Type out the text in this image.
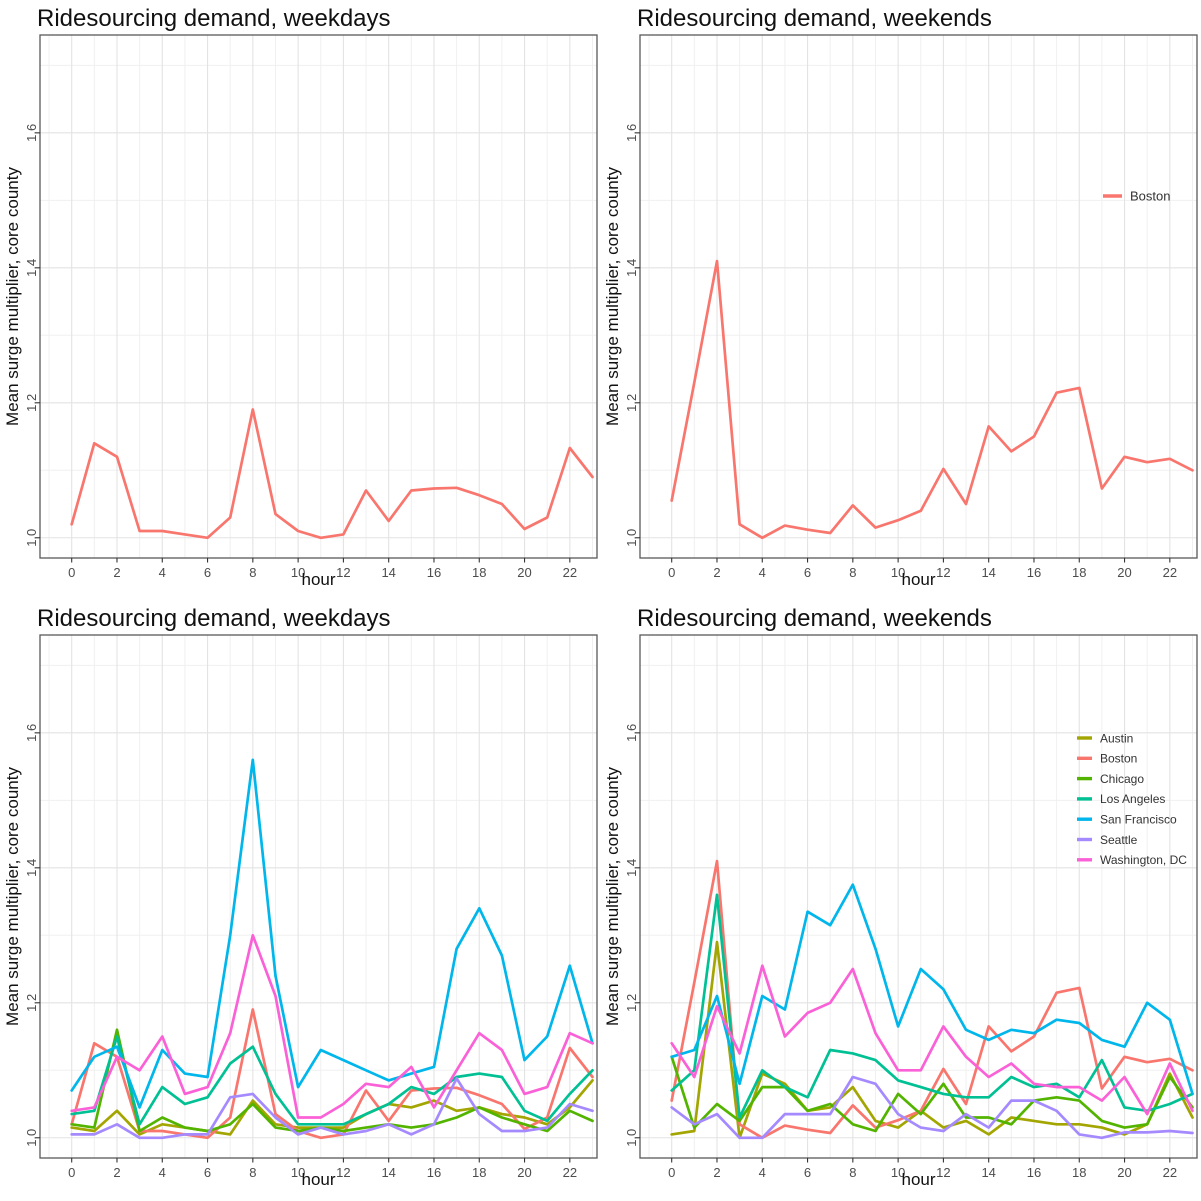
0	2	4	6	8	10 12 14 16 18 20 22
1.0
1.2
1.4
1.6
Ridesourcing demand, weekdays
hour
Mean surge multiplier, core county
0	2	4	6	8	10 12 14 16 18 20 22
1.0
1.2
1.4
1.6
Boston
Ridesourcing demand, weekends
hour
Mean surge multiplier, core county
0	2	4	6	8	10 12 14 16 18 20 22
1.0
1.2
1.4
1.6
Ridesourcing demand, weekdays
hour
Mean surge multiplier, core county
0	2	4	6	8	10 12 14 16 18 20 22
1.0
1.2
1.4
1.6	Austin
Boston
Chicago
Los Angeles
San Francisco
Seattle
Washington, DC
Ridesourcing demand, weekends
hour
Mean surge multiplier, core county
